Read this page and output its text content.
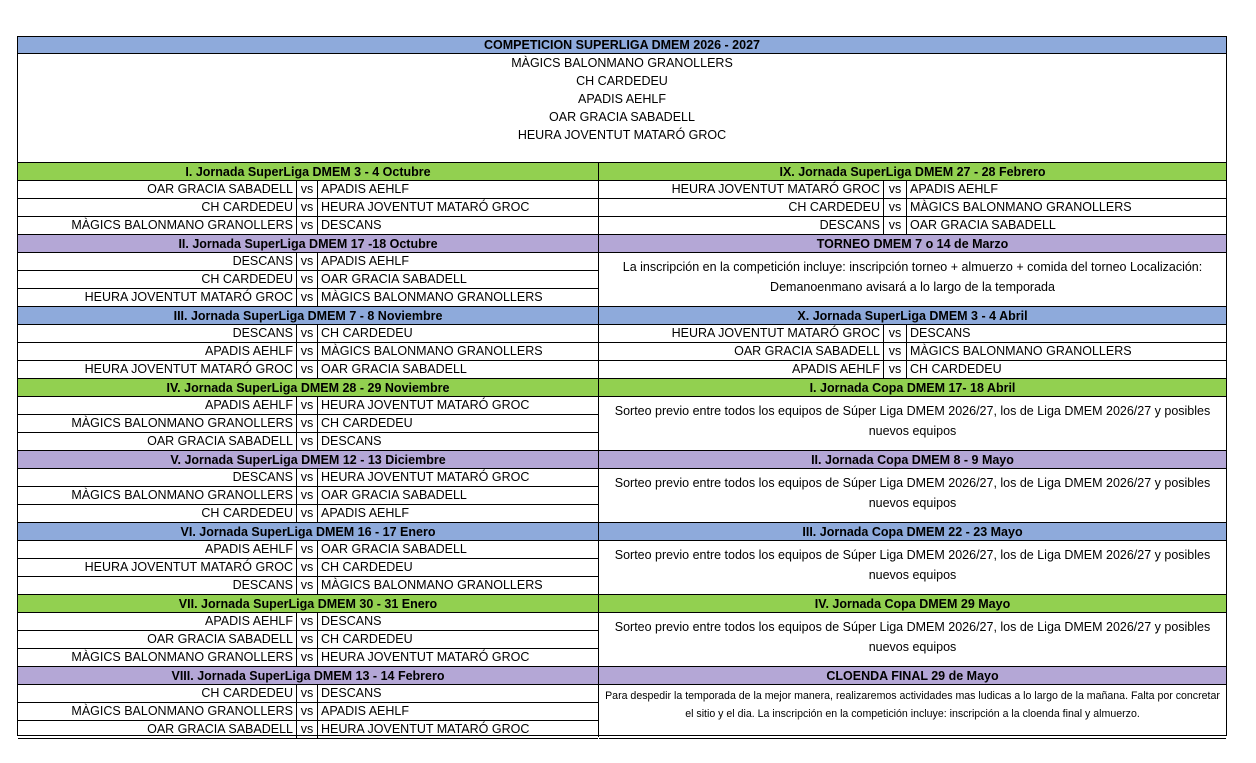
COMPETICION SUPERLIGA DMEM 2026 - 2027
MÀGICS BALONMANO GRANOLLERS
CH CARDEDEU
APADIS AEHLF
OAR GRACIA SABADELL
HEURA JOVENTUT MATARÓ GROC
I. Jornada SuperLiga DMEM 3 - 4 Octubre
OAR GRACIA SABADELL vs APADIS AEHLF
CH CARDEDEU vs HEURA JOVENTUT MATARÓ GROC
MÀGICS BALONMANO GRANOLLERS vs DESCANS
II. Jornada SuperLiga DMEM 17 -18 Octubre
DESCANS vs APADIS AEHLF
CH CARDEDEU vs OAR GRACIA SABADELL
HEURA JOVENTUT MATARÓ GROC vs MÀGICS BALONMANO GRANOLLERS
III. Jornada SuperLiga DMEM 7 - 8 Noviembre
DESCANS vs CH CARDEDEU
APADIS AEHLF vs MÀGICS BALONMANO GRANOLLERS
HEURA JOVENTUT MATARÓ GROC vs OAR GRACIA SABADELL
IV. Jornada SuperLiga DMEM 28 - 29 Noviembre
APADIS AEHLF vs HEURA JOVENTUT MATARÓ GROC
MÀGICS BALONMANO GRANOLLERS vs CH CARDEDEU
OAR GRACIA SABADELL vs DESCANS
V. Jornada SuperLiga DMEM 12 - 13 Diciembre
DESCANS vs HEURA JOVENTUT MATARÓ GROC
MÀGICS BALONMANO GRANOLLERS vs OAR GRACIA SABADELL
CH CARDEDEU vs APADIS AEHLF
VI. Jornada SuperLiga DMEM 16 - 17 Enero
APADIS AEHLF vs OAR GRACIA SABADELL
HEURA JOVENTUT MATARÓ GROC vs CH CARDEDEU
DESCANS vs MÀGICS BALONMANO GRANOLLERS
VII. Jornada SuperLiga DMEM 30 - 31 Enero
APADIS AEHLF vs DESCANS
OAR GRACIA SABADELL vs CH CARDEDEU
MÀGICS BALONMANO GRANOLLERS vs HEURA JOVENTUT MATARÓ GROC
VIII. Jornada SuperLiga DMEM 13 - 14 Febrero
CH CARDEDEU vs DESCANS
MÀGICS BALONMANO GRANOLLERS vs APADIS AEHLF
OAR GRACIA SABADELL vs HEURA JOVENTUT MATARÓ GROC
IX. Jornada SuperLiga DMEM 27 - 28 Febrero
HEURA JOVENTUT MATARÓ GROC vs APADIS AEHLF
CH CARDEDEU vs MÀGICS BALONMANO GRANOLLERS
DESCANS vs OAR GRACIA SABADELL
TORNEO DMEM 7 o 14 de Marzo
La inscripción en la competición incluye: inscripción torneo + almuerzo + comida del torneo Localización: Demanoenmano avisará a lo largo de la temporada
X. Jornada SuperLiga DMEM 3 - 4 Abril
HEURA JOVENTUT MATARÓ GROC vs DESCANS
OAR GRACIA SABADELL vs MÀGICS BALONMANO GRANOLLERS
APADIS AEHLF vs CH CARDEDEU
I. Jornada Copa DMEM 17- 18 Abril
Sorteo previo entre todos los equipos de Súper Liga DMEM 2026/27, los de Liga DMEM 2026/27 y posibles nuevos equipos
II. Jornada Copa DMEM 8 - 9 Mayo
Sorteo previo entre todos los equipos de Súper Liga DMEM 2026/27, los de Liga DMEM 2026/27 y posibles nuevos equipos
III. Jornada Copa DMEM 22 - 23 Mayo
Sorteo previo entre todos los equipos de Súper Liga DMEM 2026/27, los de Liga DMEM 2026/27 y posibles nuevos equipos
IV. Jornada Copa DMEM 29 Mayo
Sorteo previo entre todos los equipos de Súper Liga DMEM 2026/27, los de Liga DMEM 2026/27 y posibles nuevos equipos
CLOENDA FINAL 29 de Mayo
Para despedir la temporada de la mejor manera, realizaremos actividades mas ludicas a lo largo de la mañana. Falta por concretar el sitio y el dia. La inscripción en la competición incluye: inscripción a la cloenda final y almuerzo.
